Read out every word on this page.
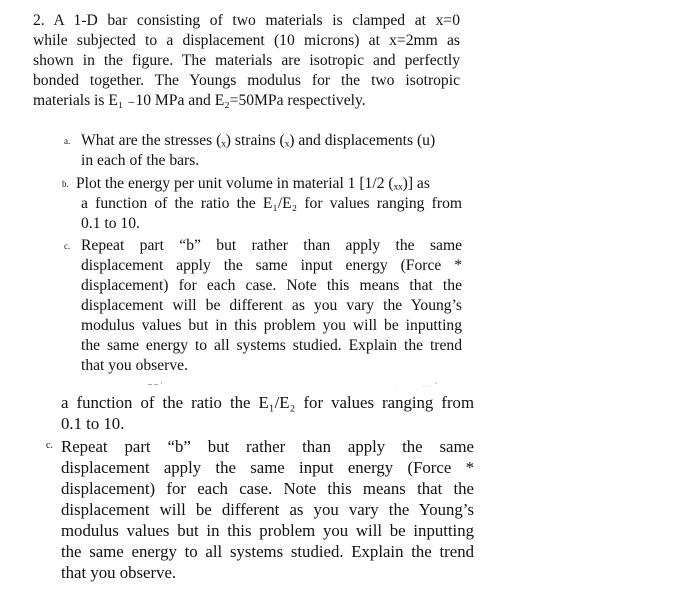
2. A 1-D bar consisting of two materials is clamped at x=0

while subjected to a displacement (10 microns) at x=2mm as

shown in the figure. The materials are isotropic and perfectly

bonded together. The Youngs modulus for the two isotropic

materials is E₁ ₋10 MPa and E₂=50MPa respectively.

a. What are the stresses (ₓ) strains (ₓ) and displacements (u)

in each of the bars.

b. Plot the energy per unit volume in material 1 [1/2 (ₓₓ)] as

a function of the ratio the E₁/E₂ for values ranging from

0.1 to 10.

c. Repeat part “b” but rather than apply the same

displacement apply the same input energy (Force *

displacement) for each case. Note this means that the

displacement will be different as you vary the Young’s

modulus values but in this problem you will be inputting

the same energy to all systems studied. Explain the trend

that you observe.

– – ·	ˌ	ˌˌˌˌ ·

a function of the ratio the E₁/E₂ for values ranging from

0.1 to 10.

c. Repeat part “b” but rather than apply the same

displacement apply the same input energy (Force *

displacement) for each case. Note this means that the

displacement will be different as you vary the Young’s

modulus values but in this problem you will be inputting

the same energy to all systems studied. Explain the trend

that you observe.
